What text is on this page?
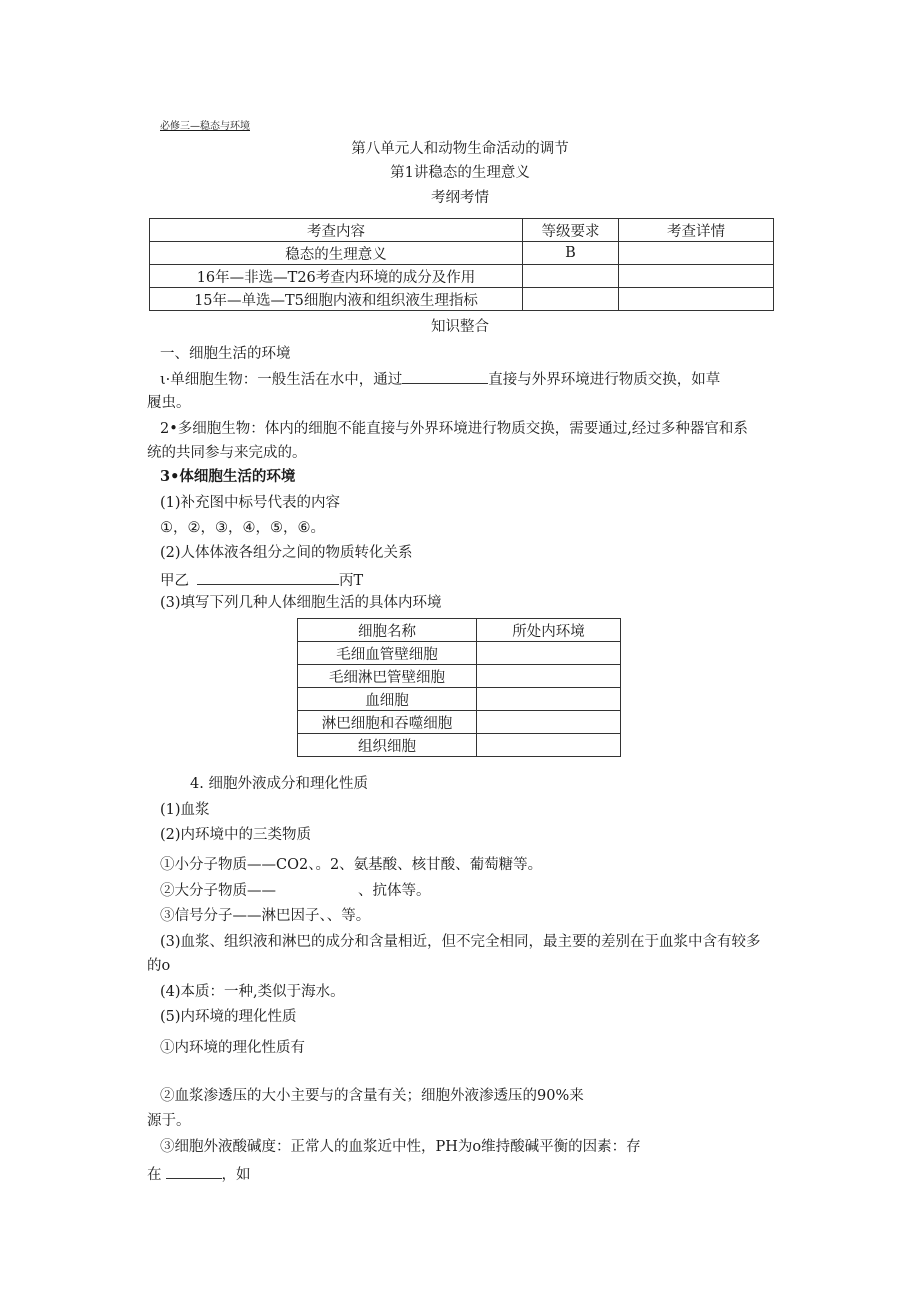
必修三—稳态与环境
第八单元人和动物生命活动的调节
第1讲稳态的生理意义
考纲考情
考查内容	等级要求	考查详情
稳态的生理意义	B	
16年—非选—T26考查内环境的成分及作用		
15年—单选—T5细胞内液和组织液生理指标		
知识整合
一、细胞生活的环境
ι·单细胞生物：一般生活在水中，通过	直接与外界环境进行物质交换，如草
履虫。
2•多细胞生物：体内的细胞不能直接与外界环境进行物质交换，需要通过,经过多种器官和系
统的共同参与来完成的。
3•体细胞生活的环境
(1)补充图中标号代表的内容
①，②，③，④，⑤，⑥。
(2)人体体液各组分之间的物质转化关系
甲乙	丙T
(3)填写下列几种人体细胞生活的具体内环境
细胞名称	所处内环境
毛细血管壁细胞	
毛细淋巴管壁细胞	
血细胞	
淋巴细胞和吞噬细胞	
组织细胞	
4. 细胞外液成分和理化性质
(1)血浆
(2)内环境中的三类物质
①小分子物质——CO2、。2、氨基酸、核甘酸、葡萄糖等。
②大分子物质——	、抗体等。
③信号分子——淋巴因子、、等。
(3)血浆、组织液和淋巴的成分和含量相近，但不完全相同，最主要的差别在于血浆中含有较多
的o
(4)本质：一种,类似于海水。
(5)内环境的理化性质
①内环境的理化性质有
②血浆渗透压的大小主要与的含量有关；细胞外液渗透压的90%来
源于。
③细胞外液酸碱度：正常人的血浆近中性，PH为o维持酸碱平衡的因素：存
在	，如
